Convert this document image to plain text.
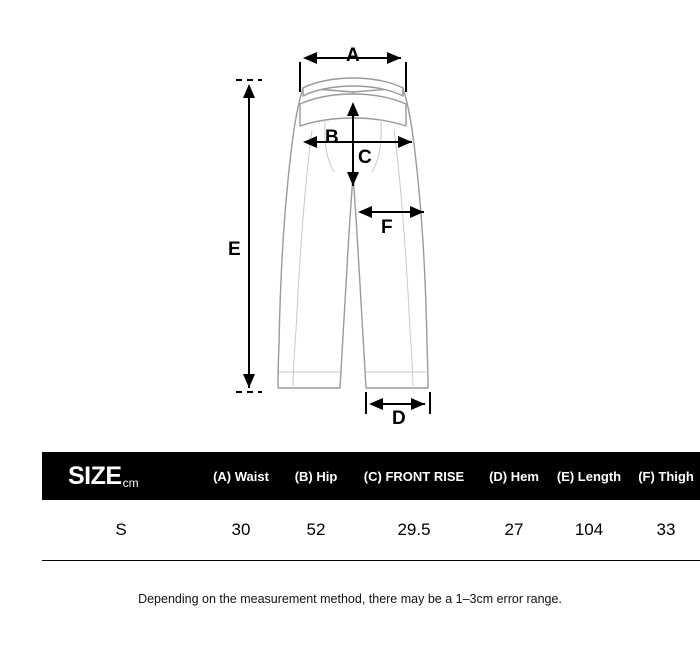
A
B
C
F
E
D
SIZEcm	(A) Waist	(B) Hip	(C) FRONT RISE	(D) Hem	(E) Length	(F) Thigh
S	30	52	29.5	27	104	33
Depending on the measurement method, there may be a 1–3cm error range.
